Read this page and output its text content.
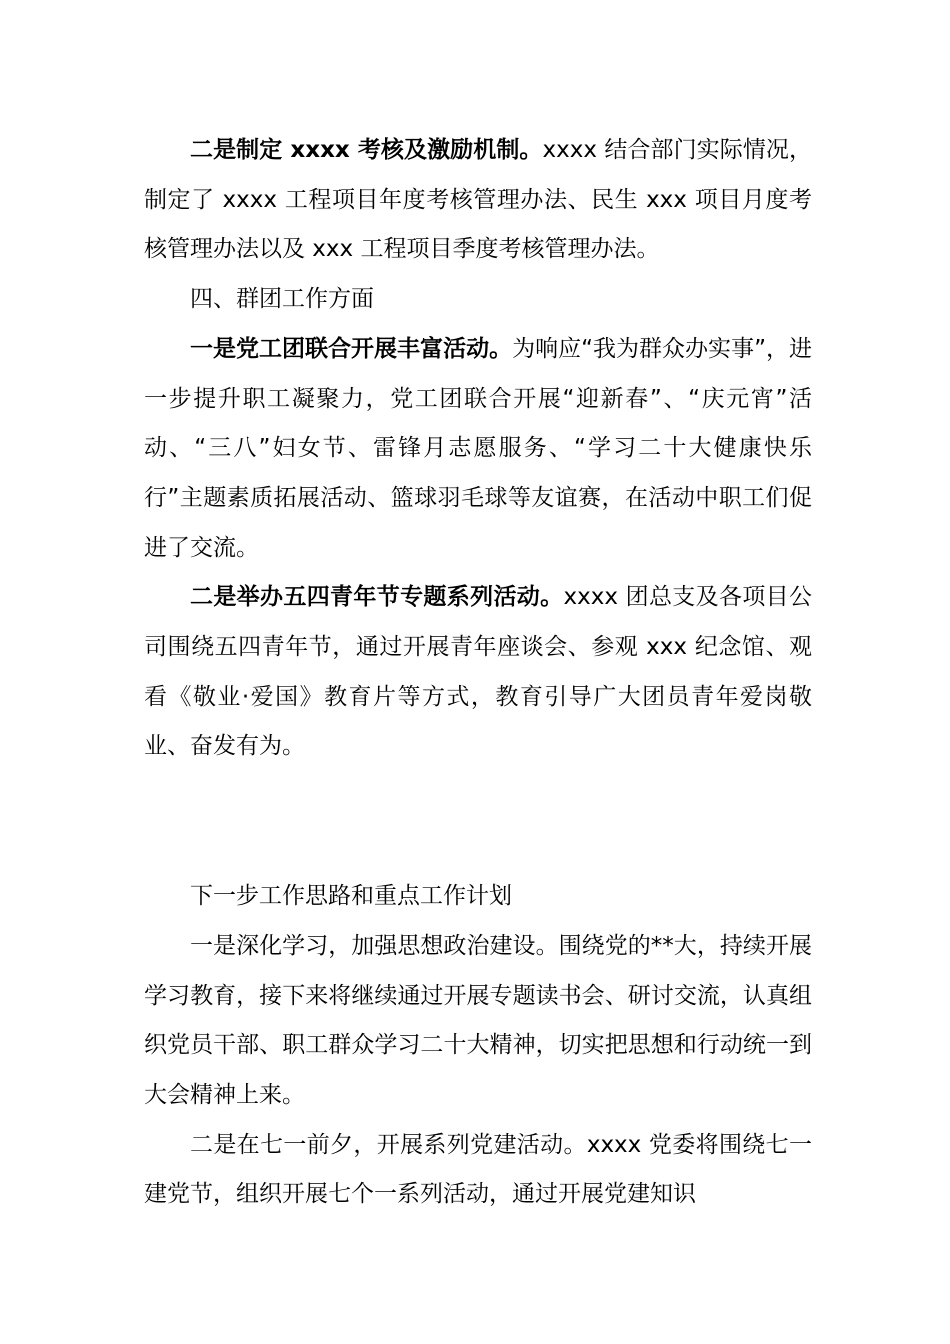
二是制定 xxxx 考核及激励机制。xxxx 结合部门实际情况，制定了 xxxx 工程项目年度考核管理办法、民生 xxx 项目月度考核管理办法以及 xxx 工程项目季度考核管理办法。

四、群团工作方面

一是党工团联合开展丰富活动。为响应“我为群众办实事”，进一步提升职工凝聚力，党工团联合开展“迎新春”、“庆元宵”活动、“三八”妇女节、雷锋月志愿服务、“学习二十大健康快乐行”主题素质拓展活动、篮球羽毛球等友谊赛，在活动中职工们促进了交流。

二是举办五四青年节专题系列活动。xxxx 团总支及各项目公司围绕五四青年节，通过开展青年座谈会、参观 xxx 纪念馆、观看《敬业·爱国》教育片等方式，教育引导广大团员青年爱岗敬业、奋发有为。

下一步工作思路和重点工作计划

一是深化学习，加强思想政治建设。围绕党的**大，持续开展学习教育，接下来将继续通过开展专题读书会、研讨交流，认真组织党员干部、职工群众学习二十大精神，切实把思想和行动统一到大会精神上来。

二是在七一前夕，开展系列党建活动。xxxx 党委将围绕七一建党节，组织开展七个一系列活动，通过开展党建知识
